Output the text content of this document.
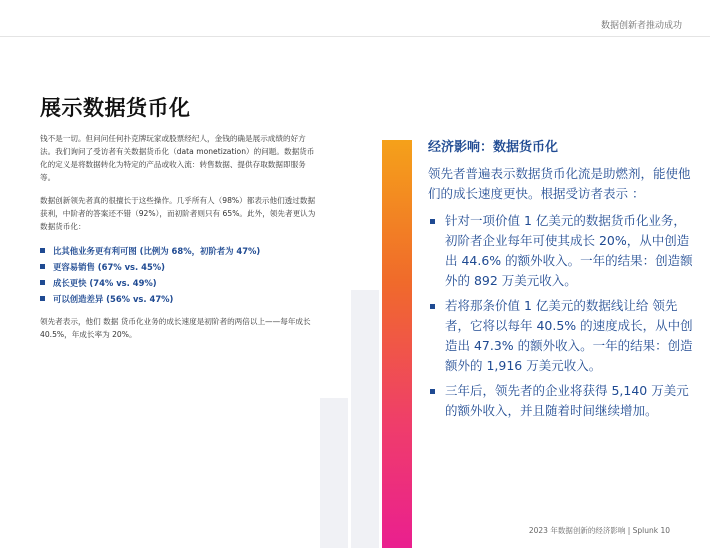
数据创新者推动成功
展示数据货币化

钱不是一切。但问问任何扑克牌玩家或股票经纪人，金钱的确是展示成绩的好方法。我们询问了受访者有关数据货币化（data monetization）的问题。数据货币化的定义是将数据转化为特定的产品或收入流：转售数据、提供存取数据即服务等。

数据创新领先者真的很擅长于这些操作。几乎所有人（98%）都表示他们透过数据获利，中阶者的答案还不错（92%），而初阶者则只有 65%。此外，领先者更认为数据货币化：

比其他业务更有利可图 (比例为 68%，初阶者为 47%)
更容易销售 (67% vs. 45%)
成长更快 (74% vs. 49%)
可以创造差异 (56% vs. 47%)

领先者表示，他们 数据 货币化业务的成长速度是初阶者的两倍以上——每年成长 40.5%，年成长率为 20%。

经济影响：数据货币化

领先者普遍表示数据货币化流是助燃剂，能使他们的成长速度更快。根据受访者表示 ：

针对一项价值 1 亿美元的数据货币化业务，初阶者企业每年可使其成长 20%，从中创造出 44.6% 的额外收入。一年的结果：创造额外的 892 万美元收入。
若将那条价值 1 亿美元的数据线让给 领先者，它将以每年 40.5% 的速度成长，从中创造出 47.3% 的额外收入。一年的结果：创造额外的 1,916 万美元收入。
三年后，领先者的企业将获得 5,140 万美元的额外收入，并且随着时间继续增加。
2023 年数据创新的经济影响 | Splunk 10
